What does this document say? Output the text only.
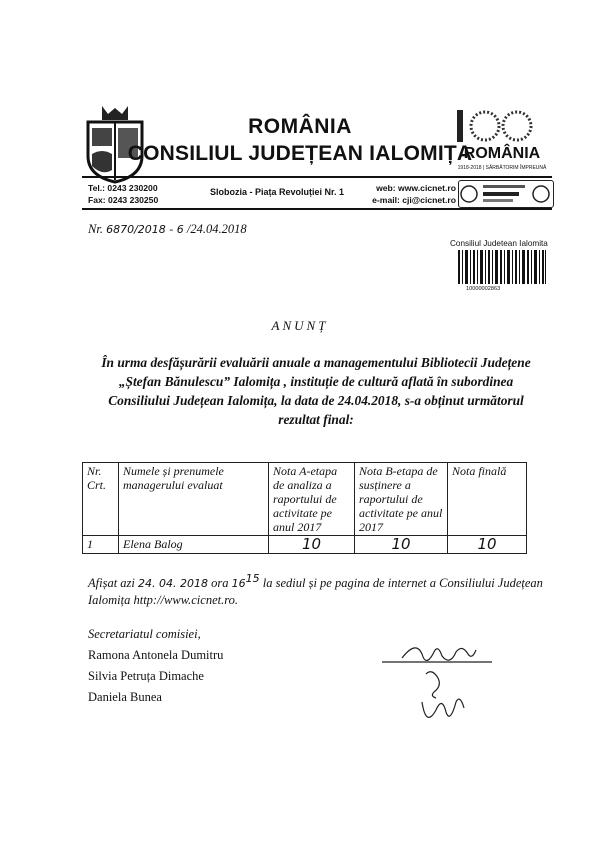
ROMÂNIA
CONSILIUL JUDEȚEAN IALOMIȚA
ROMÂNIA
1918-2018 | SĂRBĂTORIM ÎMPREUNĂ
Tel.: 0243 230200
Fax: 0243 230250
Slobozia - Piața Revoluției Nr. 1	web: www.cicnet.ro
e-mail: cji@cicnet.ro
Nr. 6870/2018 - 6 /24.04.2018
Consiliul Judetean Ialomita
10000002863
ANUNȚ
În urma desfășurării evaluării anuale a managementului Bibliotecii Județene „Ștefan Bănulescu” Ialomița , instituție de cultură aflată în subordinea Consiliului Județean Ialomița, la data de 24.04.2018, s-a obținut următorul rezultat final:
Nr. Crt.	Numele și prenumele managerului evaluat	Nota A-etapa de analiza a raportului de activitate pe anul 2017	Nota B-etapa de susținere a raportului de activitate pe anul 2017	Nota finală
1	Elena Balog	10	10	10
Afișat azi 24. 04. 2018 ora $16^{15}$ la sediul și pe pagina de internet a Consiliului Județean Ialomița http://www.cicnet.ro.
Secretariatul comisiei,
Ramona Antonela Dumitru
Silvia Petruța Dimache
Daniela Bunea
